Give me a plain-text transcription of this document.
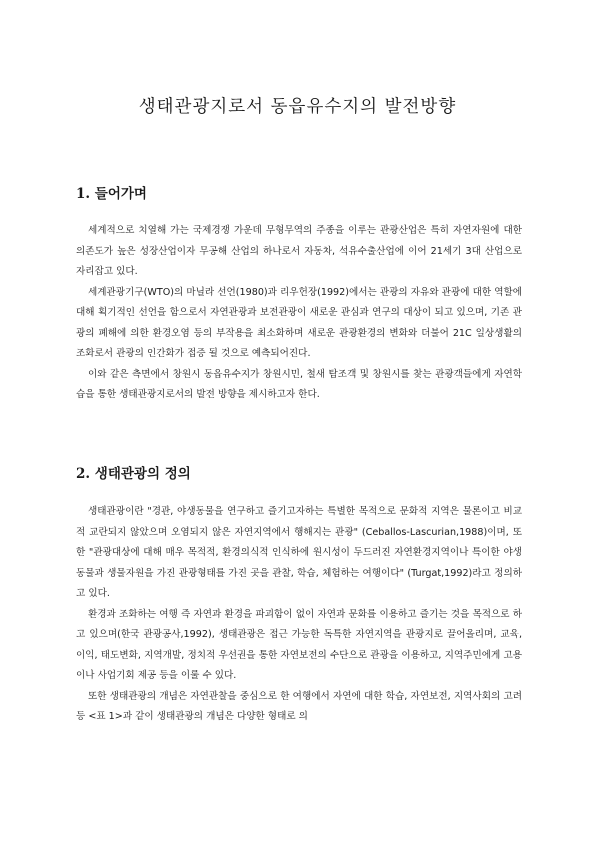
생태관광지로서 동읍유수지의 발전방향
1. 들어가며

세계적으로 치열해 가는 국제경쟁 가운데 무형무역의 주종을 이루는 관광산업은 특히 자연자원에 대한 의존도가 높은 성장산업이자 무공해 산업의 하나로서 자동차, 석유수출산업에 이어 21세기 3대 산업으로 자리잡고 있다.

세계관광기구(WTO)의 마닐라 선언(1980)과 리우헌장(1992)에서는 관광의 자유와 관광에 대한 역할에 대해 획기적인 선언을 함으로서 자연관광과 보전관광이 새로운 관심과 연구의 대상이 되고 있으며, 기존 관광의 폐해에 의한 환경오염 등의 부작용을 최소화하며 새로운 관광환경의 변화와 더불어 21C 일상생활의 조화로서 관광의 인간화가 접증 될 것으로 예측되어진다.

이와 같은 측면에서 창원시 동읍유수지가 창원시민, 철새 탐조객 및 창원시를 찾는 관광객들에게 자연학습을 통한 생태관광지로서의 발전 방향을 제시하고자 한다.

2. 생태관광의 정의

생태관광이란 "경관, 야생동물을 연구하고 즐기고자하는 특별한 목적으로 문화적 지역은 물론이고 비교적 교란되지 않았으며 오염되지 않은 자연지역에서 행해지는 관광" (Ceballos-Lascurian,1988)이며, 또한 "관광대상에 대해 매우 목적적, 환경의식적 인식하에 원시성이 두드러진 자연환경지역이나 특이한 야생동물과 생물자원을 가진 관광형태를 가진 곳을 관찰, 학습, 체험하는 여행이다" (Turgat,1992)라고 정의하고 있다.

환경과 조화하는 여행 즉 자연과 환경을 파괴함이 없이 자연과 문화를 이용하고 즐기는 것을 목적으로 하고 있으며(한국 관광공사,1992), 생태관광은 접근 가능한 독특한 자연지역을 관광지로 끌어올리며, 교육, 이익, 태도변화, 지역개발, 정치적 우선권을 통한 자연보전의 수단으로 관광을 이용하고, 지역주민에게 고용이나 사업기회 제공 등을 이룰 수 있다.

또한 생태관광의 개념은 자연관찰을 중심으로 한 여행에서 자연에 대한 학습, 자연보전, 지역사회의 고려 등 <표 1>과 같이 생태관광의 개념은 다양한 형태로 의
